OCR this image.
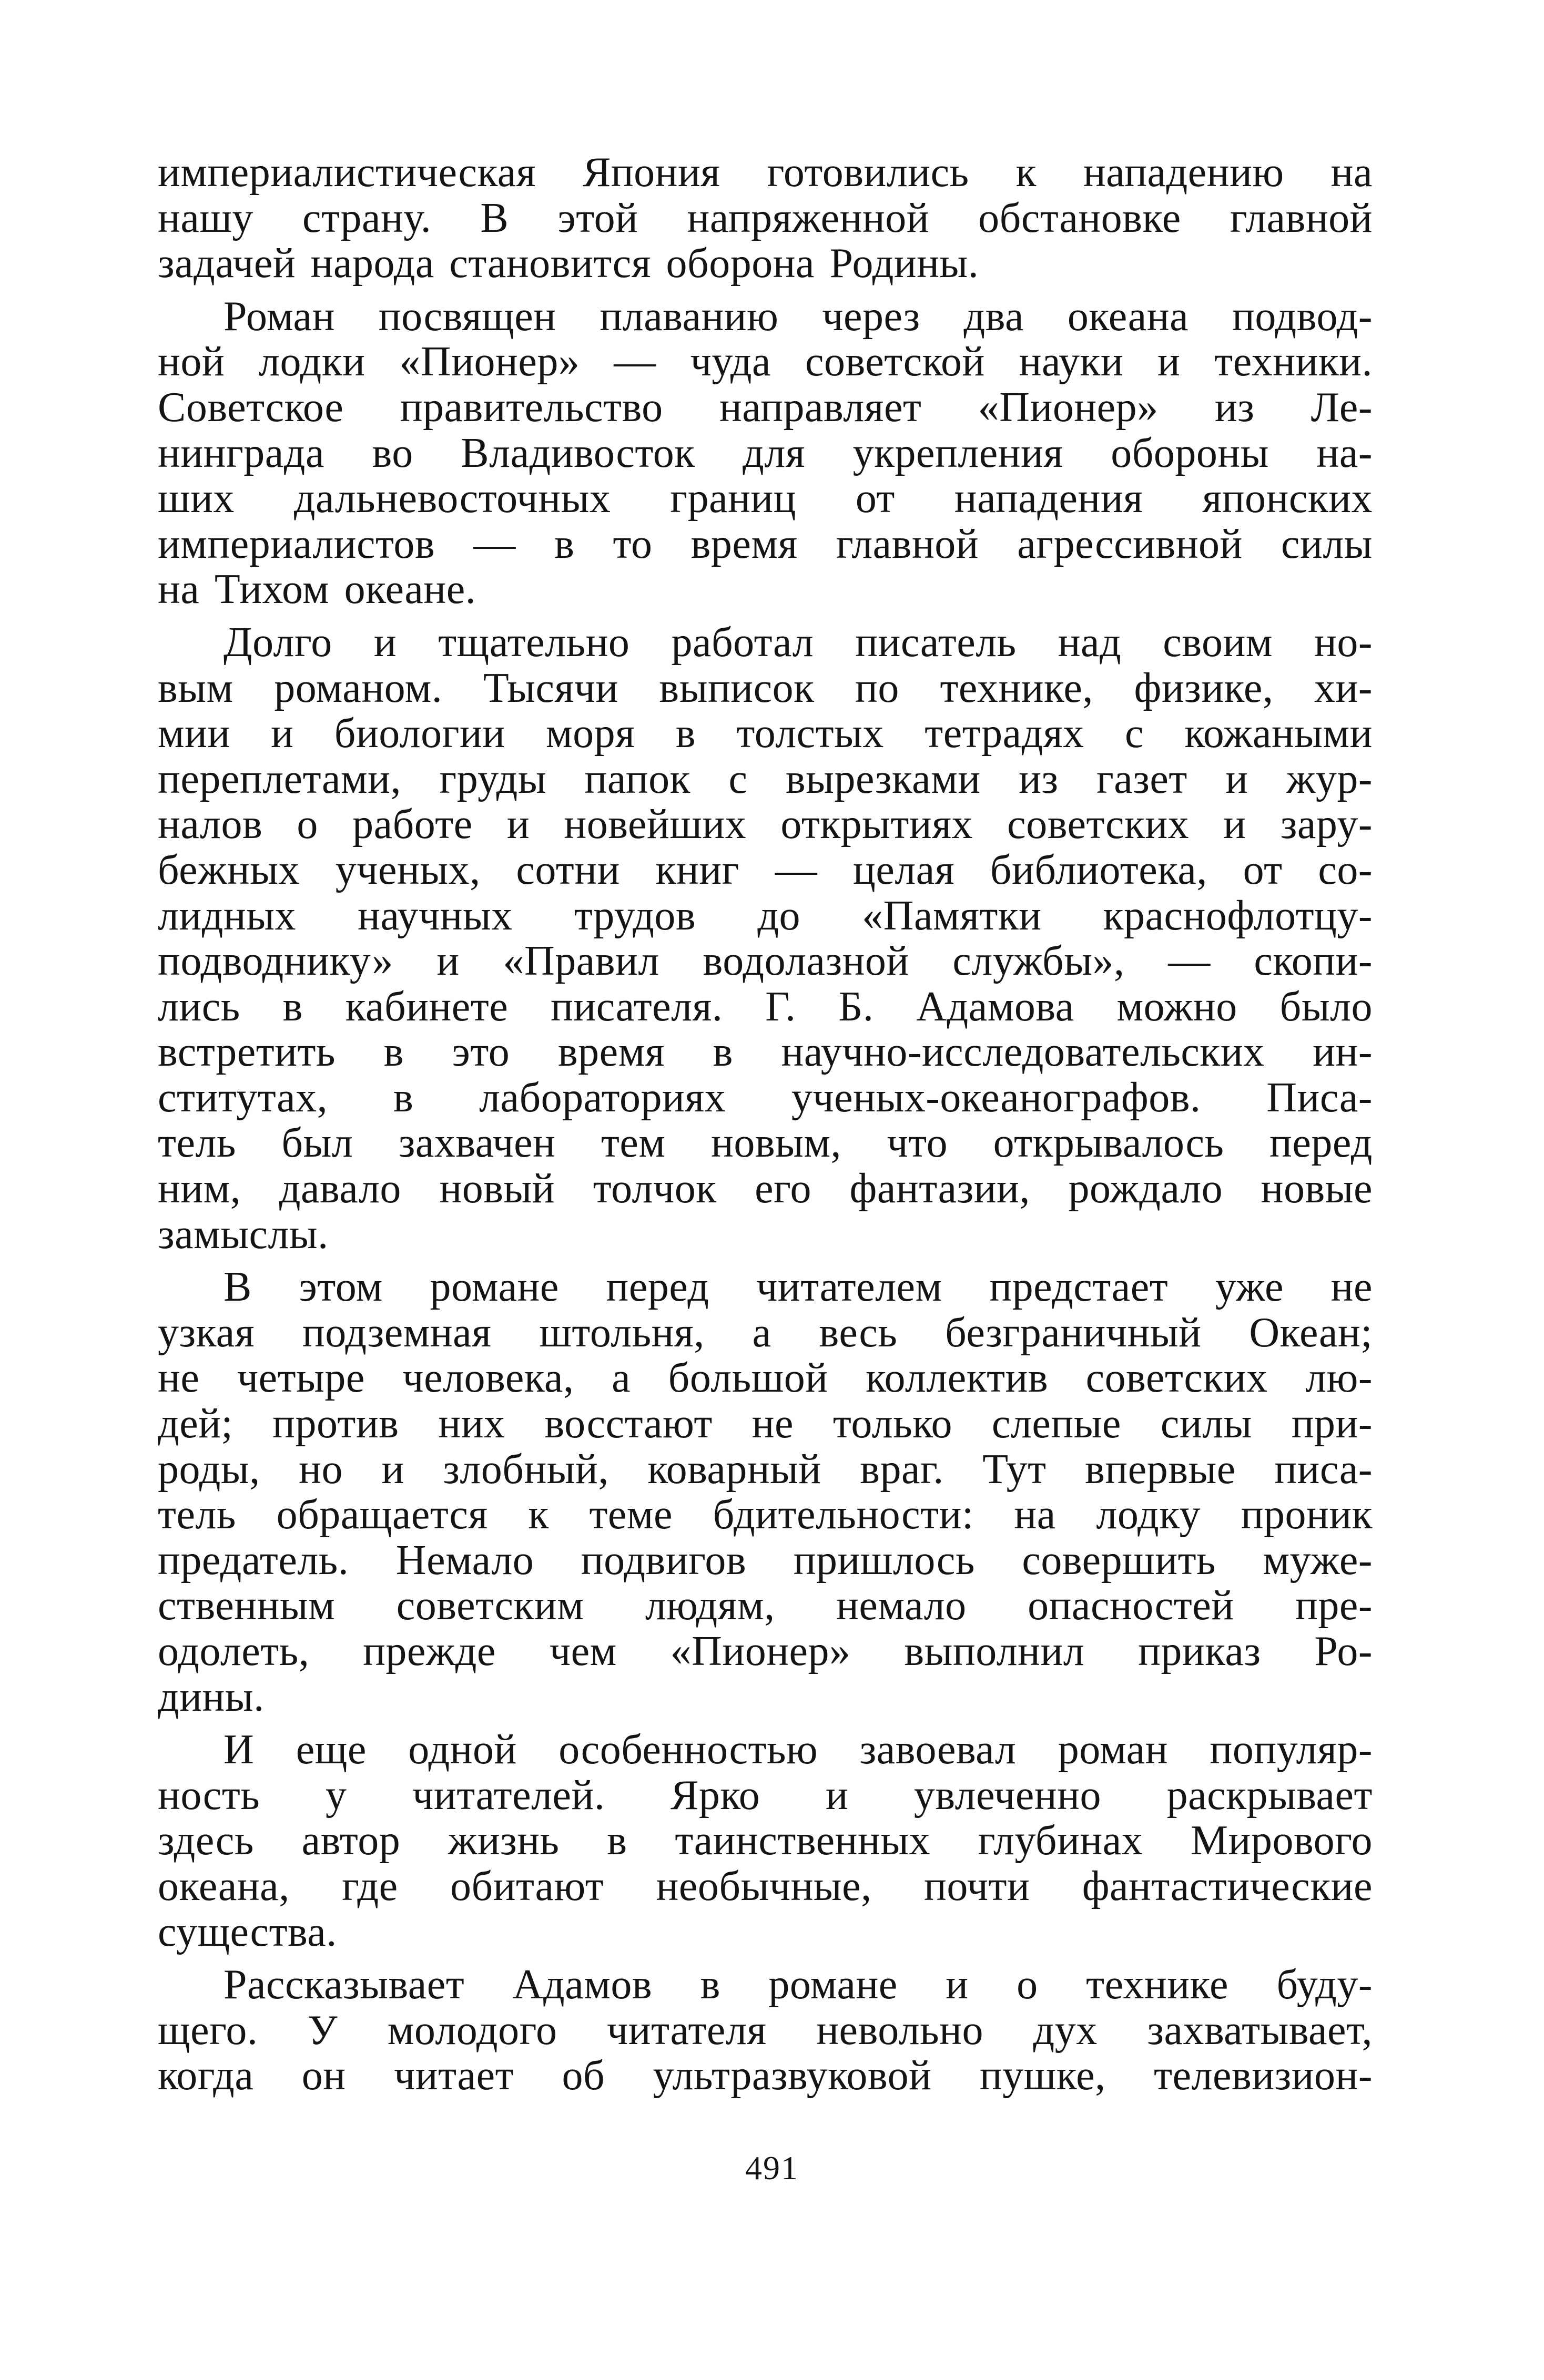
империалистическая Япония готовились к нападению на
нашу страну. В этой напряженной обстановке главной
задачей народа становится оборона Родины.

Роман посвящен плаванию через два океана подвод-
ной лодки «Пионер» — чуда советской науки и техники.
Советское правительство направляет «Пионер» из Ле-
нинграда во Владивосток для укрепления обороны на-
ших дальневосточных границ от нападения японских
империалистов — в то время главной агрессивной силы
на Тихом океане.

Долго и тщательно работал писатель над своим но-
вым романом. Тысячи выписок по технике, физике, хи-
мии и биологии моря в толстых тетрадях с кожаными
переплетами, груды папок с вырезками из газет и жур-
налов о работе и новейших открытиях советских и зару-
бежных ученых, сотни книг — целая библиотека, от со-
лидных научных трудов до «Памятки краснофлотцу-
подводнику» и «Правил водолазной службы», — скопи-
лись в кабинете писателя. Г. Б. Адамова можно было
встретить в это время в научно-исследовательских ин-
ститутах, в лабораториях ученых-океанографов. Писа-
тель был захвачен тем новым, что открывалось перед
ним, давало новый толчок его фантазии, рождало новые
замыслы.

В этом романе перед читателем предстает уже не
узкая подземная штольня, а весь безграничный Океан;
не четыре человека, а большой коллектив советских лю-
дей; против них восстают не только слепые силы при-
роды, но и злобный, коварный враг. Тут впервые писа-
тель обращается к теме бдительности: на лодку проник
предатель. Немало подвигов пришлось совершить муже-
ственным советским людям, немало опасностей пре-
одолеть, прежде чем «Пионер» выполнил приказ Ро-
дины.

И еще одной особенностью завоевал роман популяр-
ность у читателей. Ярко и увлеченно раскрывает
здесь автор жизнь в таинственных глубинах Мирового
океана, где обитают необычные, почти фантастические
существа.

Рассказывает Адамов в романе и о технике буду-
щего. У молодого читателя невольно дух захватывает,
когда он читает об ультразвуковой пушке, телевизион-

491
